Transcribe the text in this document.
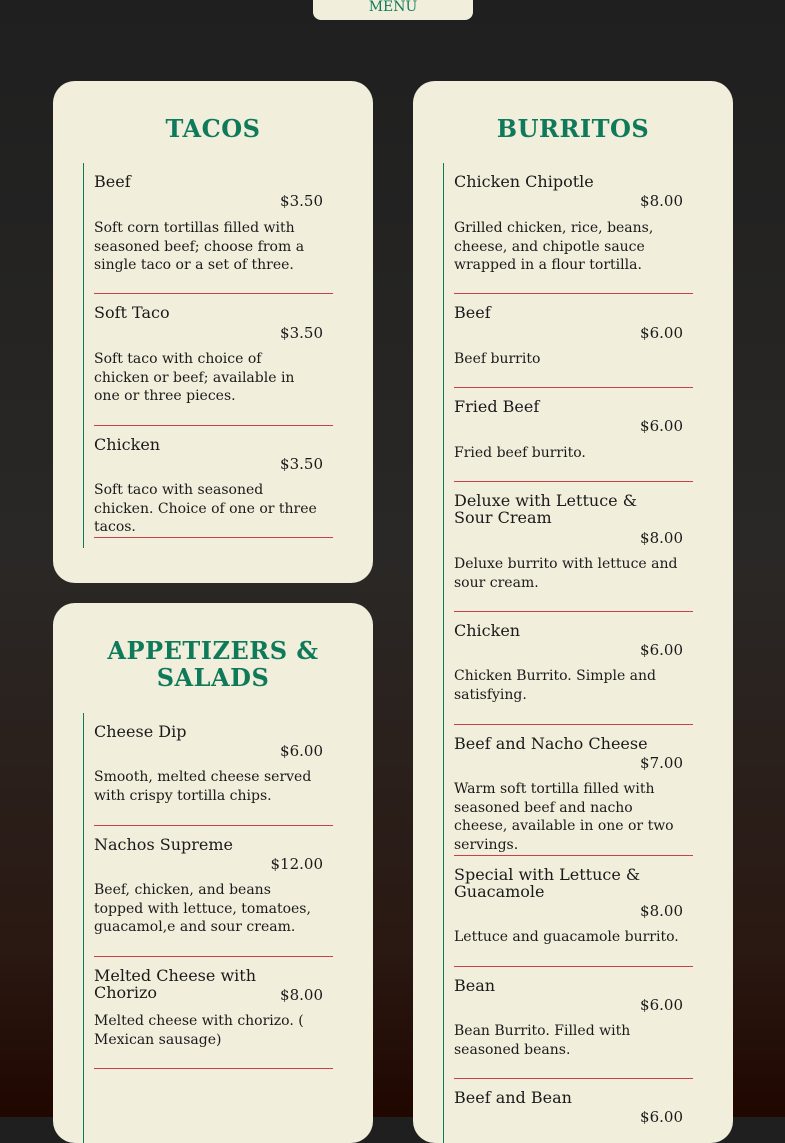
MENU
TACOS
Beef
$3.50
Soft corn tortillas filled with seasoned beef; choose from a single taco or a set of three.
Soft Taco
$3.50
Soft taco with choice of chicken or beef; available in one or three pieces.
Chicken
$3.50
Soft taco with seasoned chicken. Choice of one or three tacos.
APPETIZERS & SALADS
Cheese Dip
$6.00
Smooth, melted cheese served with crispy tortilla chips.
Nachos Supreme
$12.00
Beef, chicken, and beans topped with lettuce, tomatoes, guacamol,e and sour cream.
Melted Cheese with Chorizo	$8.00
Melted cheese with chorizo. ( Mexican sausage)
BURRITOS
Chicken Chipotle
$8.00
Grilled chicken, rice, beans, cheese, and chipotle sauce wrapped in a flour tortilla.
Beef
$6.00
Beef burrito
Fried Beef
$6.00
Fried beef burrito.
Deluxe with Lettuce & Sour Cream
$8.00
Deluxe burrito with lettuce and sour cream.
Chicken
$6.00
Chicken Burrito. Simple and satisfying.
Beef and Nacho Cheese
$7.00
Warm soft tortilla filled with seasoned beef and nacho cheese, available in one or two servings.
Special with Lettuce & Guacamole
$8.00
Lettuce and guacamole burrito.
Bean
$6.00
Bean Burrito. Filled with seasoned beans.
Beef and Bean
$6.00
